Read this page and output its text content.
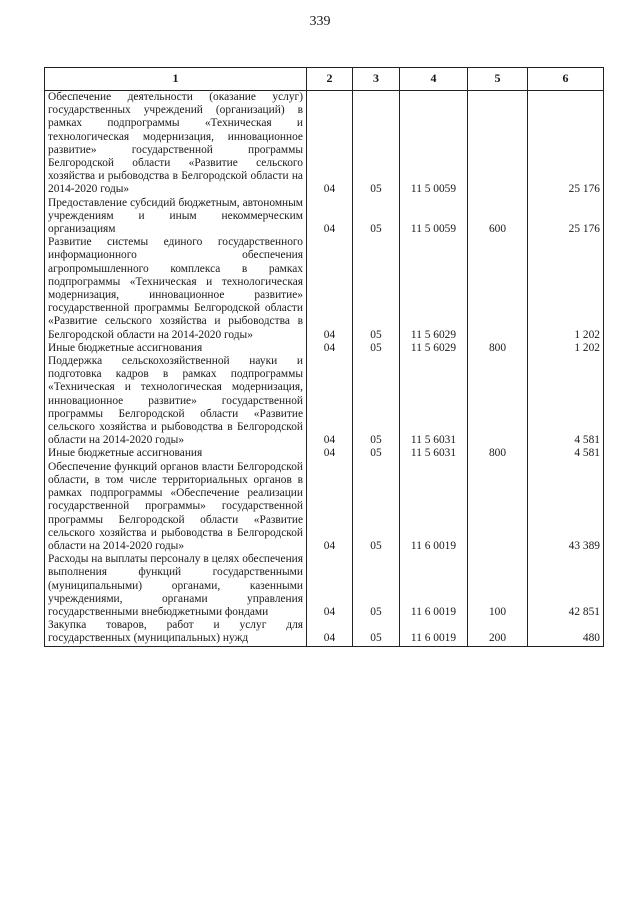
339
1	2	3	4	5	6
Обеспечение деятельности (оказание услуг) государственных учреждений (организаций) в рамках подпрограммы «Техническая и технологическая модернизация, инновационное развитие» государственной программы Белгородской области «Развитие сельского хозяйства и рыбоводства в Белгородской области на 2014-2020 годы»	04	05	11 5 0059		25 176
Предоставление субсидий бюджетным, автономным учреждениям и иным некоммерческим организациям	04	05	11 5 0059	600	25 176
Развитие системы единого государственного информационного обеспечения агропромышленного комплекса в рамках подпрограммы «Техническая и технологическая модернизация, инновационное развитие» государственной программы Белгородской области «Развитие сельского хозяйства и рыбоводства в Белгородской области на 2014-2020 годы»	04	05	11 5 6029		1 202
Иные бюджетные ассигнования	04	05	11 5 6029	800	1 202
Поддержка сельскохозяйственной науки и подготовка кадров в рамках подпрограммы «Техническая и технологическая модернизация, инновационное развитие» государственной программы Белгородской области «Развитие сельского хозяйства и рыбоводства в Белгородской области на 2014-2020 годы»	04	05	11 5 6031		4 581
Иные бюджетные ассигнования	04	05	11 5 6031	800	4 581
Обеспечение функций органов власти Белгородской области, в том числе территориальных органов в рамках подпрограммы «Обеспечение реализации государственной программы» государственной программы Белгородской области «Развитие сельского хозяйства и рыбоводства в Белгородской области на 2014-2020 годы»	04	05	11 6 0019		43 389
Расходы на выплаты персоналу в целях обеспечения выполнения функций государственными (муниципальными) органами, казенными учреждениями, органами управления государственными внебюджетными фондами	04	05	11 6 0019	100	42 851
Закупка товаров, работ и услуг для государственных (муниципальных) нужд	04	05	11 6 0019	200	480
